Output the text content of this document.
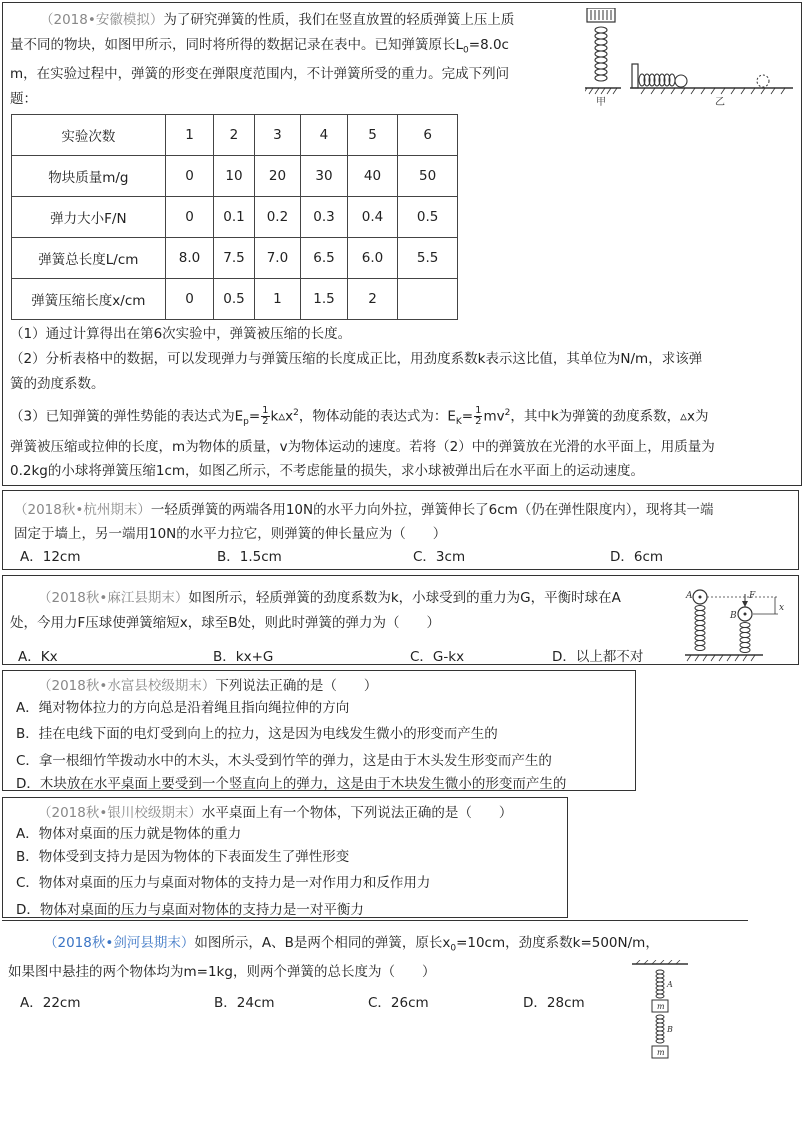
（2018•安徽模拟）为了研究弹簧的性质，我们在竖直放置的轻质弹簧上压上质
量不同的物块，如图甲所示，同时将所得的数据记录在表中。已知弹簧原长$L_0=8.0c$
m，在实验过程中，弹簧的形变在弹限度范围内，不计弹簧所受的重力。完成下列问
题：	甲	乙
实验次数	1	2	3	4	5	6
物块质量m/g	0	10	20	30	40	50
弹力大小F/N	0	0.1	0.2	0.3	0.4	0.5
弹簧总长度L/cm	8.0	7.5	7.0	6.5	6.0	5.5
弹簧压缩长度x/cm	0	0.5	1	1.5	2	
（1）通过计算得出在第6次实验中，弹簧被压缩的长度。
（2）分析表格中的数据，可以发现弹力与弹簧压缩的长度成正比，用劲度系数k表示这比值，其单位为N/m，求该弹
簧的劲度系数。
（3）已知弹簧的弹性势能的表达式为$E_p= \frac{1}{2}$ $k▵x^2$，物体动能的表达式为：$E_K= \frac{1}{2} mv^2$，其中k为弹簧的劲度系数，▵x为
弹簧被压缩或拉伸的长度，m为物体的质量，v为物体运动的速度。若将（2）中的弹簧放在光滑的水平面上，用质量为
0.2kg的小球将弹簧压缩1cm，如图乙所示，不考虑能量的损失，求小球被弹出后在水平面上的运动速度。
（2018秋•杭州期末）一轻质弹簧的两端各用10N的水平力向外拉，弹簧伸长了6cm（仍在弹性限度内），现将其一端
固定于墙上，另一端用10N的水平力拉它，则弹簧的伸长量应为（　　）
A．12cm	B．1.5cm	C．3cm	D．6cm
（2018秋•麻江县期末）如图所示，轻质弹簧的劲度系数为k，小球受到的重力为G，平衡时球在A
处，今用力F压球使弹簧缩短x，球至B处，则此时弹簧的弹力为（　　）
A．Kx	B．kx+G	C．G-kx	D．以上都不对
A	F
B
x
（2018秋•水富县校级期末）下列说法正确的是（　　）
A．绳对物体拉力的方向总是沿着绳且指向绳拉伸的方向
B．挂在电线下面的电灯受到向上的拉力，这是因为电线发生微小的形变而产生的
C．拿一根细竹竿拨动水中的木头，木头受到竹竿的弹力，这是由于木头发生形变而产生的
D．木块放在水平桌面上要受到一个竖直向上的弹力，这是由于木块发生微小的形变而产生的
（2018秋•银川校级期末）水平桌面上有一个物体，下列说法正确的是（　　）
A．物体对桌面的压力就是物体的重力
B．物体受到支持力是因为物体的下表面发生了弹性形变
C．物体对桌面的压力与桌面对物体的支持力是一对作用力和反作用力
D．物体对桌面的压力与桌面对物体的支持力是一对平衡力
（2018秋•剑河县期末）如图所示，A、B是两个相同的弹簧，原长$x_0=10cm$，劲度系数k=500N/m，
如果图中悬挂的两个物体均为m=1kg，则两个弹簧的总长度为（　　）
A．22cm	B．24cm	C．26cm	D．28cm
A
m
B
m
